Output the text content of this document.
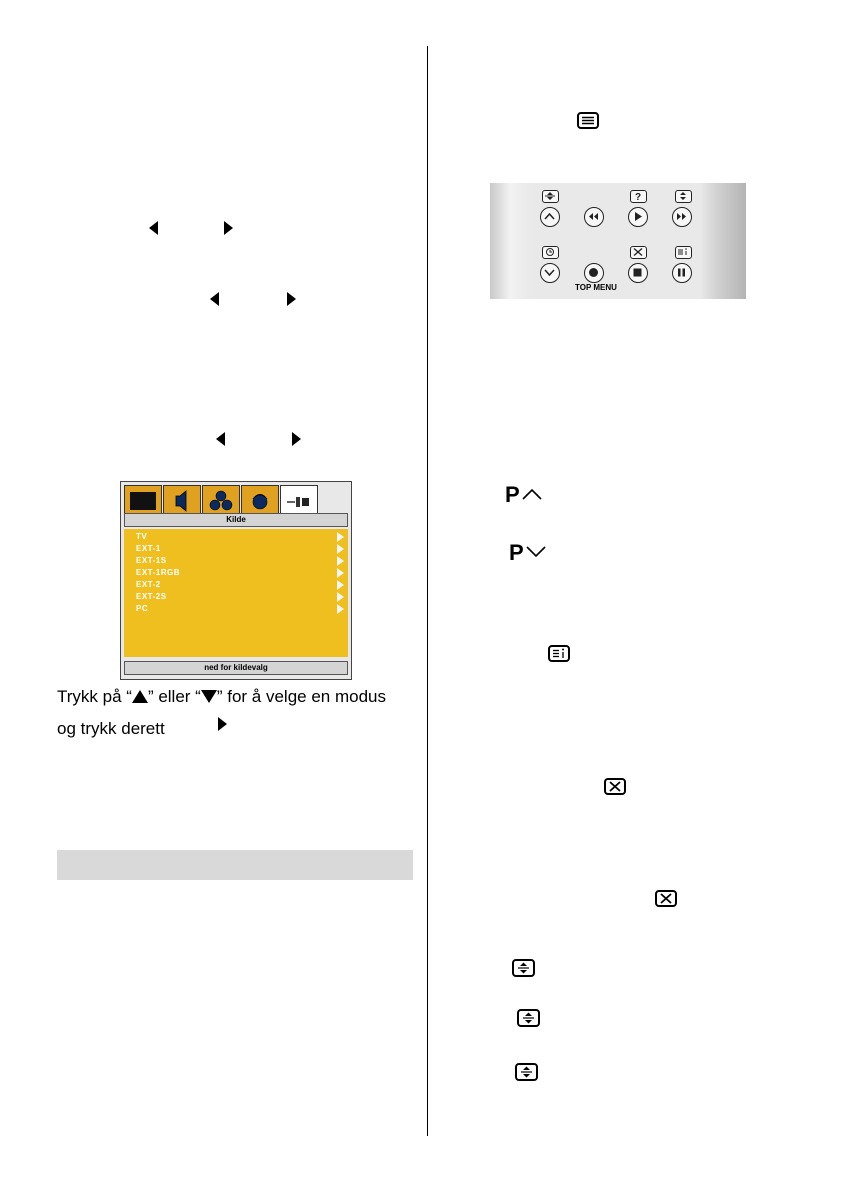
Kilde
TV
EXT-1
EXT-1S
EXT-1RGB
EXT-2
EXT-2S
PC
ned for kildevalg
Trykk på “ ” eller “ ” for å velge en modus
og trykk derett
?
TOP MENU
P
P
